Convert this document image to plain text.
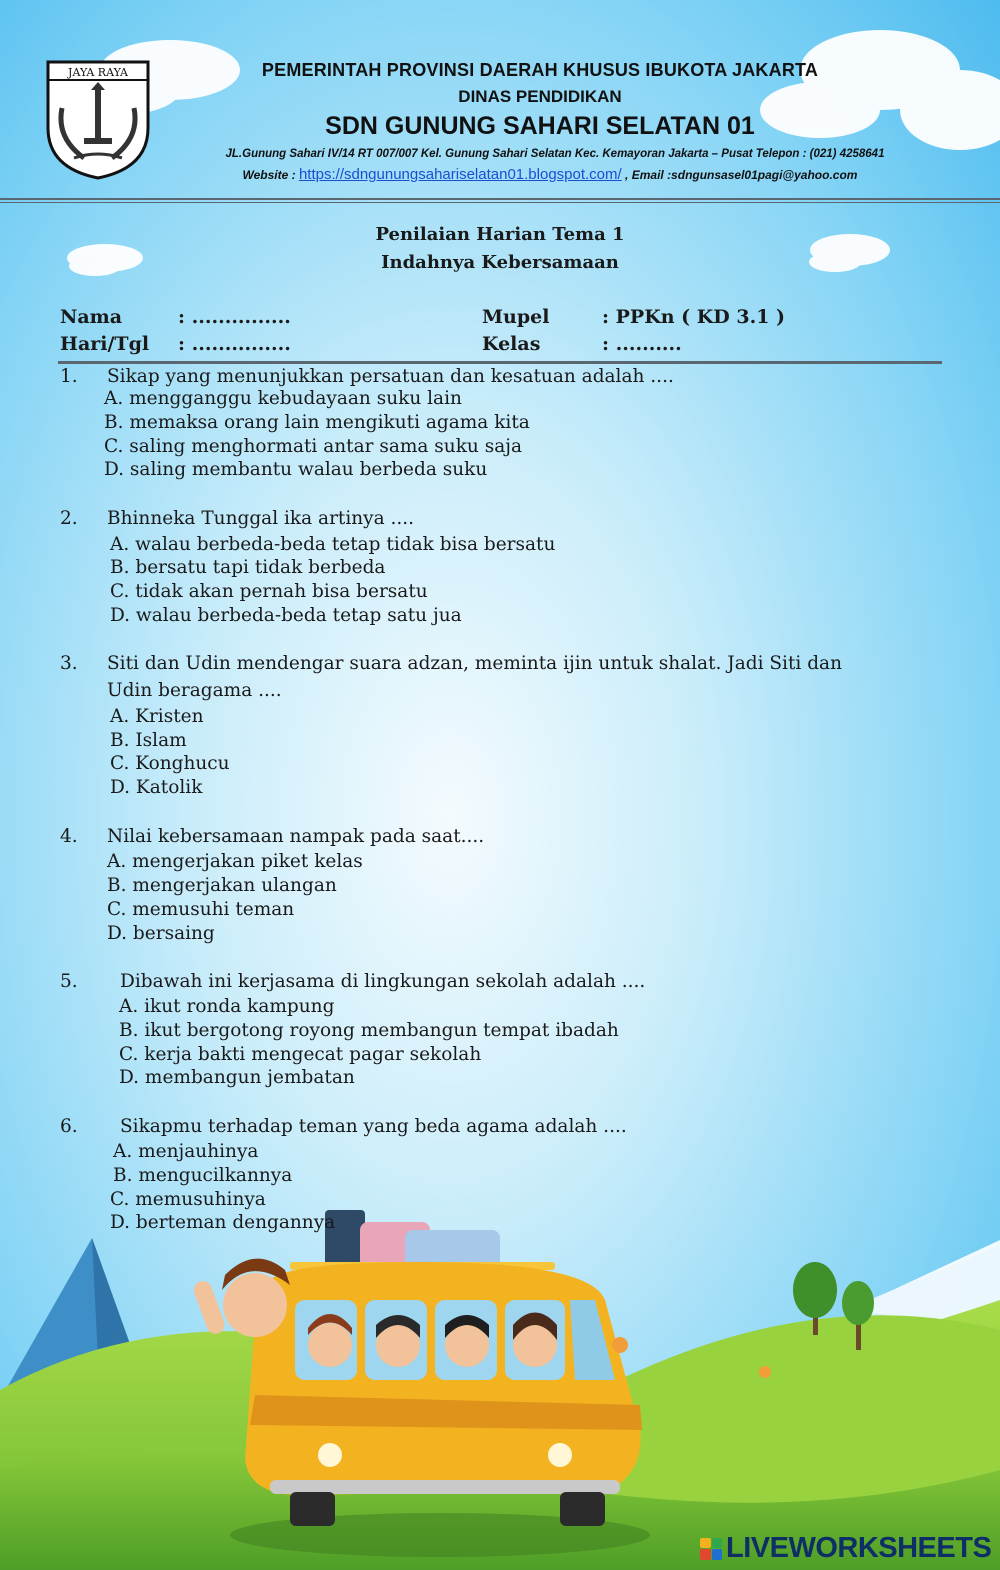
JAYA RAYA	PEMERINTAH PROVINSI DAERAH KHUSUS IBUKOTA JAKARTA
DINAS PENDIDIKAN
SDN GUNUNG SAHARI SELATAN 01
JL.Gunung Sahari IV/14 RT 007/007 Kel. Gunung Sahari Selatan Kec. Kemayoran Jakarta – Pusat Telepon : (021) 4258641
Website : https://sdngunungsahariselatan01.blogspot.com/ , Email :sdngunsasel01pagi@yahoo.com
Penilaian Harian Tema 1
Indahnya Kebersamaan
Nama	: ...............
Hari/Tgl : ...............
Mupel	: PPKn ( KD 3.1 )
Kelas	: ..........
1. Sikap yang menunjukkan persatuan dan kesatuan adalah ....
A. mengganggu kebudayaan suku lain
B. memaksa orang lain mengikuti agama kita
C. saling menghormati antar sama suku saja
D. saling membantu walau berbeda suku
2. Bhinneka Tunggal ika artinya ....
A. walau berbeda-beda tetap tidak bisa bersatu
B. bersatu tapi tidak berbeda
C. tidak akan pernah bisa bersatu
D. walau berbeda-beda tetap satu jua
3. Siti dan Udin mendengar suara adzan, meminta ijin untuk shalat. Jadi Siti dan
Udin beragama ....
A. Kristen
B. Islam
C. Konghucu
D. Katolik
4. Nilai kebersamaan nampak pada saat....
A. mengerjakan piket kelas
B. mengerjakan ulangan
C. memusuhi teman
D. bersaing
5. Dibawah ini kerjasama di lingkungan sekolah adalah ....
A. ikut ronda kampung
B. ikut bergotong royong membangun tempat ibadah
C. kerja bakti mengecat pagar sekolah
D. membangun jembatan
6. Sikapmu terhadap teman yang beda agama adalah ....
A. menjauhinya
B. mengucilkannya
C. memusuhinya
D. berteman dengannya
LIVEWORKSHEETS
